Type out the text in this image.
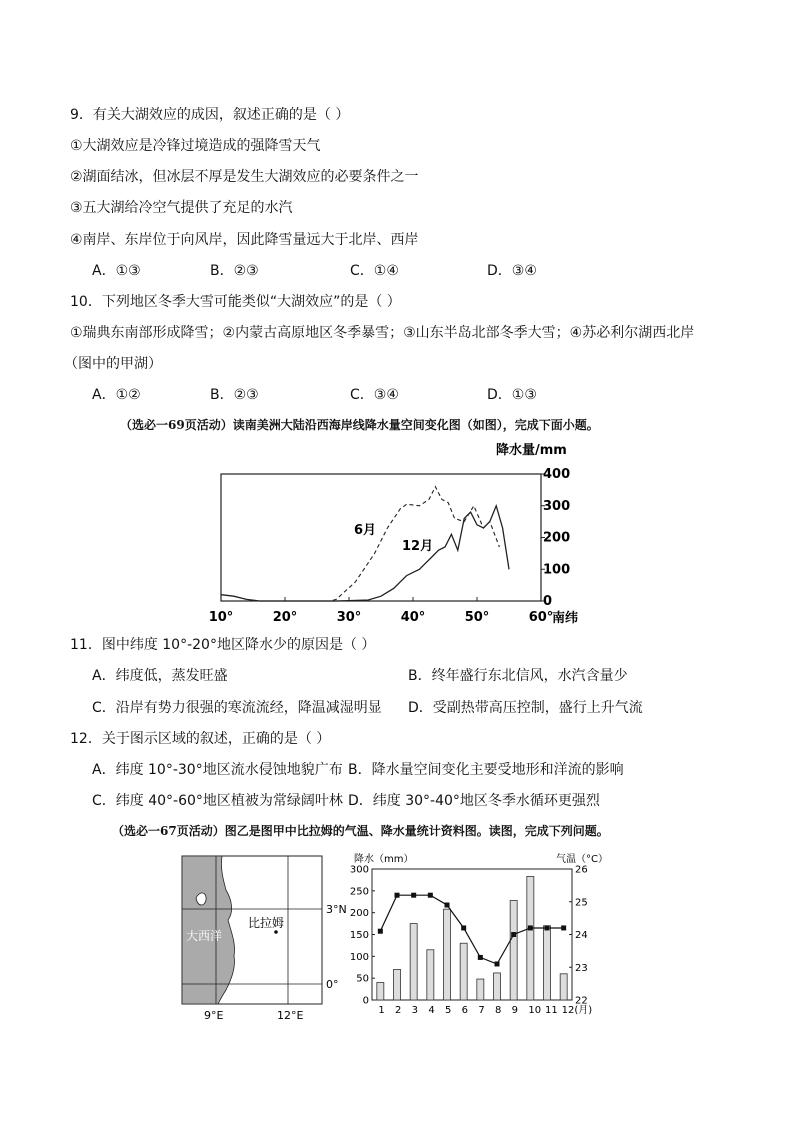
9．有关大湖效应的成因，叙述正确的是（ ）
①大湖效应是冷锋过境造成的强降雪天气
②湖面结冰，但冰层不厚是发生大湖效应的必要条件之一
③五大湖给冷空气提供了充足的水汽
④南岸、东岸位于向风岸，因此降雪量远大于北岸、西岸
A．①③	B．②③	C．①④	D．③④
10．下列地区冬季大雪可能类似“大湖效应”的是（ ）
①瑞典东南部形成降雪；②内蒙古高原地区冬季暴雪；③山东半岛北部冬季大雪；④苏必利尔湖西北岸
（图中的甲湖）
A．①②	B．②③	C．③④	D．①③
（选必一69页活动）读南美洲大陆沿西海岸线降水量空间变化图（如图），完成下面小题。
降水量/mm
0
100
200
300
400
10°	20°	30°	40°	50°	60°
6月
12月
南纬
11．图中纬度 10°-20°地区降水少的原因是（ ）
A．纬度低，蒸发旺盛	B．终年盛行东北信风，水汽含量少
C．沿岸有势力很强的寒流流经，降温减湿明显 D．受副热带高压控制，盛行上升气流
12．关于图示区域的叙述，正确的是（ ）
A．纬度 10°-30°地区流水侵蚀地貌广布 B．降水量空间变化主要受地形和洋流的影响
C．纬度 40°-60°地区植被为常绿阔叶林 D．纬度 30°-40°地区冬季水循环更强烈
（选必一67页活动）图乙是图甲中比拉姆的气温、降水量统计资料图。读图，完成下列问题。
大西洋
比拉姆
3°N
0°
9°E	12°E
降水（mm）	气温（°C）
0
50
100
150
200
250
300
22
23
24
25
26
1 2 3 4 5 6 7 8 9 10 11 12(月)
